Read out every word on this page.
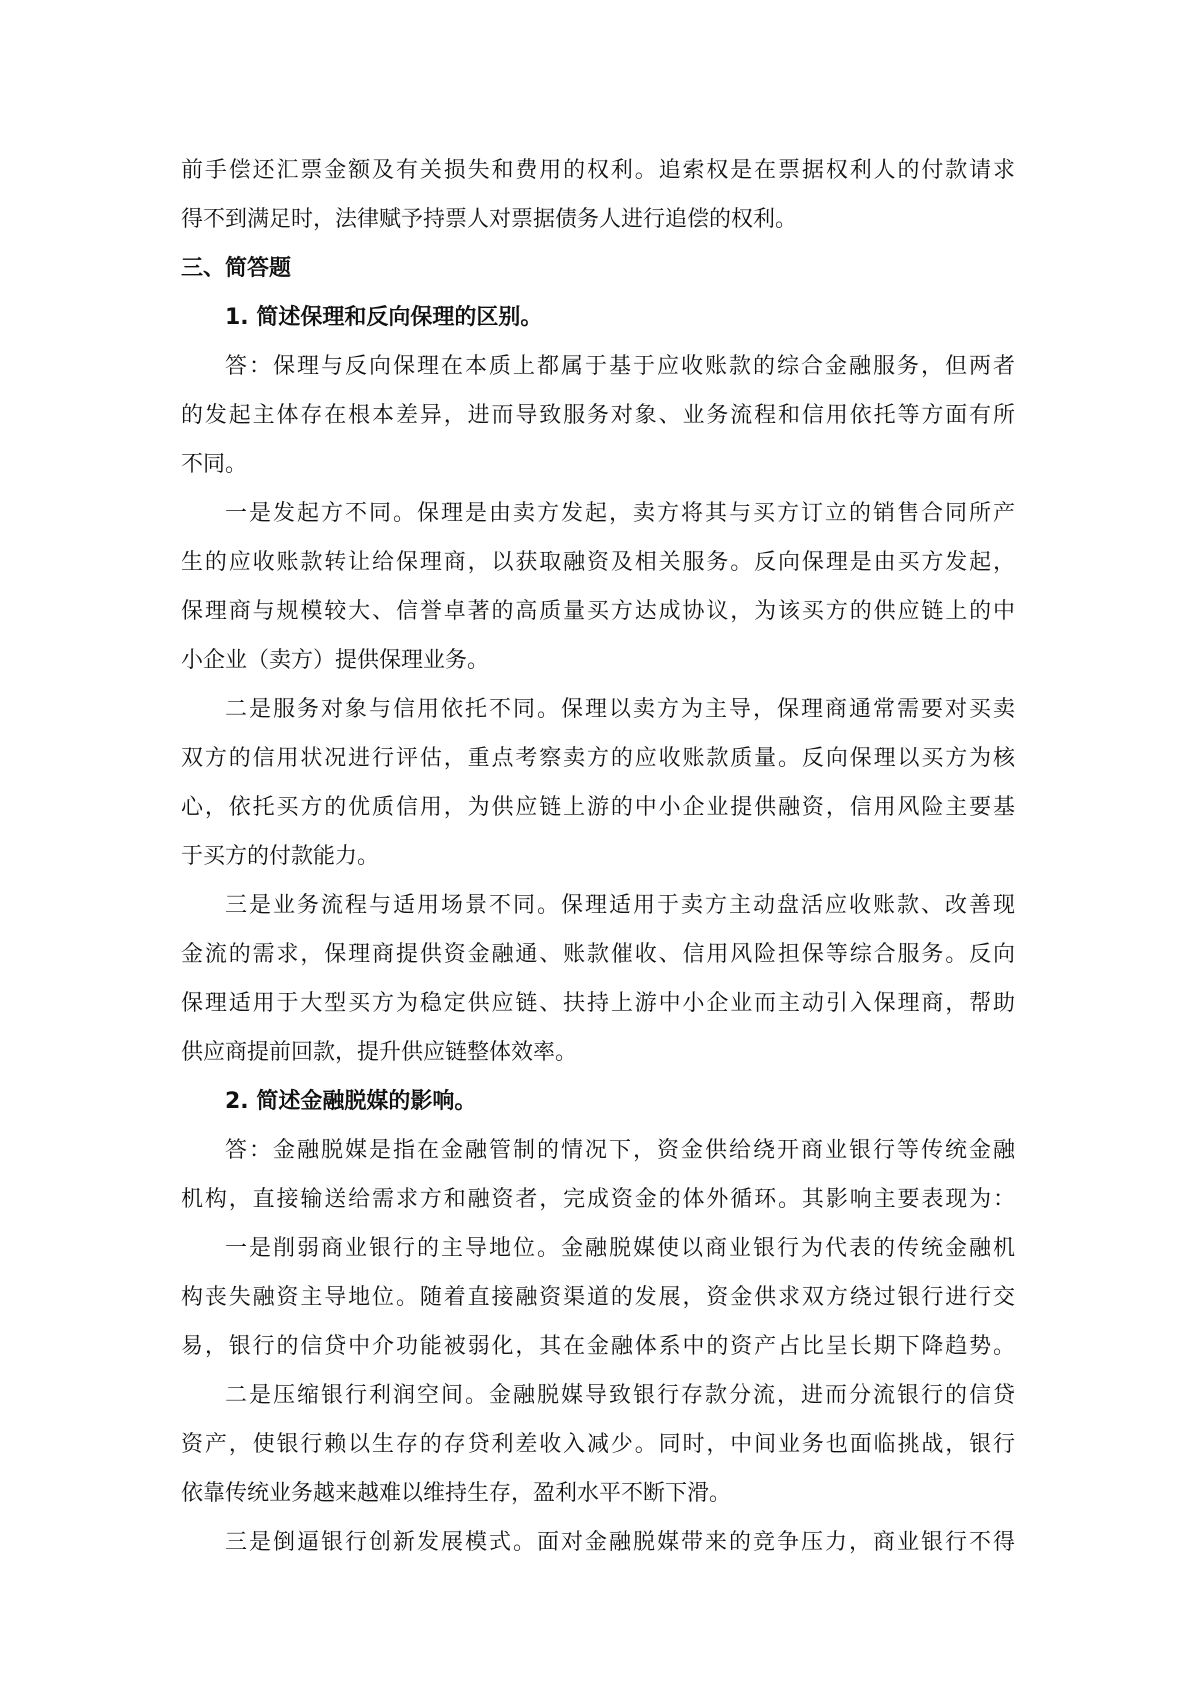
前手偿还汇票金额及有关损失和费用的权利。追索权是在票据权利人的付款请求
得不到满足时，法律赋予持票人对票据债务人进行追偿的权利。
三、简答题
1. 简述保理和反向保理的区别。
答：保理与反向保理在本质上都属于基于应收账款的综合金融服务，但两者
的发起主体存在根本差异，进而导致服务对象、业务流程和信用依托等方面有所
不同。
一是发起方不同。保理是由卖方发起，卖方将其与买方订立的销售合同所产
生的应收账款转让给保理商，以获取融资及相关服务。反向保理是由买方发起，
保理商与规模较大、信誉卓著的高质量买方达成协议，为该买方的供应链上的中
小企业（卖方）提供保理业务。
二是服务对象与信用依托不同。保理以卖方为主导，保理商通常需要对买卖
双方的信用状况进行评估，重点考察卖方的应收账款质量。反向保理以买方为核
心，依托买方的优质信用，为供应链上游的中小企业提供融资，信用风险主要基
于买方的付款能力。
三是业务流程与适用场景不同。保理适用于卖方主动盘活应收账款、改善现
金流的需求，保理商提供资金融通、账款催收、信用风险担保等综合服务。反向
保理适用于大型买方为稳定供应链、扶持上游中小企业而主动引入保理商，帮助
供应商提前回款，提升供应链整体效率。
2. 简述金融脱媒的影响。
答：金融脱媒是指在金融管制的情况下，资金供给绕开商业银行等传统金融
机构，直接输送给需求方和融资者，完成资金的体外循环。其影响主要表现为：
一是削弱商业银行的主导地位。金融脱媒使以商业银行为代表的传统金融机
构丧失融资主导地位。随着直接融资渠道的发展，资金供求双方绕过银行进行交
易，银行的信贷中介功能被弱化，其在金融体系中的资产占比呈长期下降趋势。
二是压缩银行利润空间。金融脱媒导致银行存款分流，进而分流银行的信贷
资产，使银行赖以生存的存贷利差收入减少。同时，中间业务也面临挑战，银行
依靠传统业务越来越难以维持生存，盈利水平不断下滑。
三是倒逼银行创新发展模式。面对金融脱媒带来的竞争压力，商业银行不得
